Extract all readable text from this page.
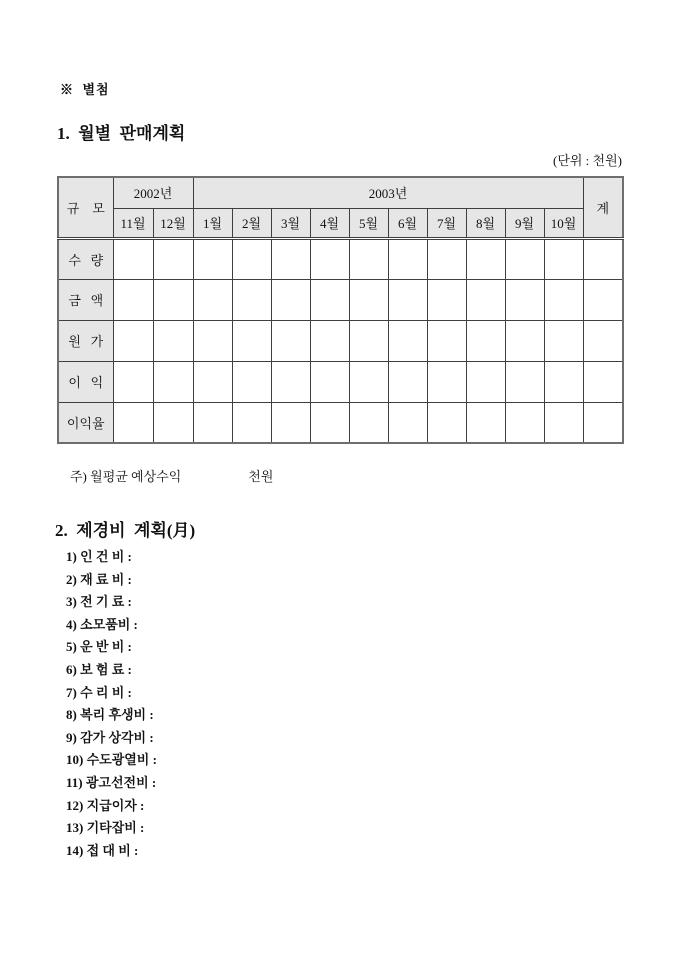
※  별첨
1.  월별  판매계획
(단위 : 천원)
규    모	2002년		2003년										계
	11월	12월	1월	2월	3월	4월	5월	6월	7월	8월	9월	10월	
수   량													
금   액													
원   가													
이   익													
이익율													

주) 월평균 예상수익	천원

2.  제경비  계획(月)
1) 인 건 비 :
2) 재 료 비 :
3) 전 기 료 :
4) 소모품비 :
5) 운 반 비 :
6) 보 험 료 :
7) 수 리 비 :
8) 복리 후생비 :
9) 감가 상각비 :
10) 수도광열비 :
11) 광고선전비 :
12) 지급이자 :
13) 기타잡비 :
14) 접 대 비 :
